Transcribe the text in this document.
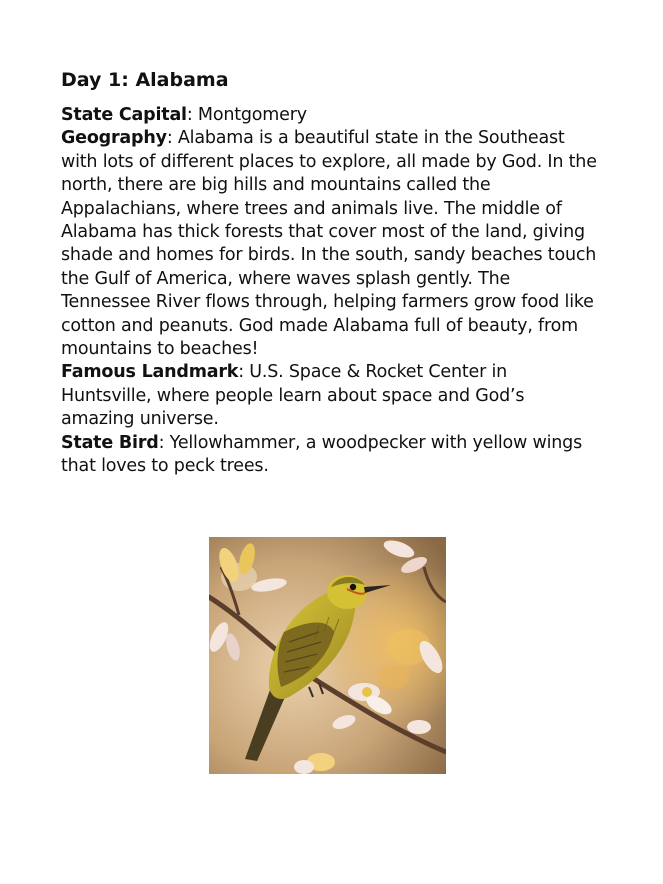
Day 1: Alabama

State Capital: Montgomery

Geography: Alabama is a beautiful state in the Southeast with lots of different places to explore, all made by God. In the north, there are big hills and mountains called the Appalachians, where trees and animals live. The middle of Alabama has thick forests that cover most of the land, giving shade and homes for birds. In the south, sandy beaches touch the Gulf of America, where waves splash gently. The Tennessee River flows through, helping farmers grow food like cotton and peanuts. God made Alabama full of beauty, from mountains to beaches!

Famous Landmark: U.S. Space & Rocket Center in Huntsville, where people learn about space and God’s amazing universe.

State Bird: Yellowhammer, a woodpecker with yellow wings that loves to peck trees.
